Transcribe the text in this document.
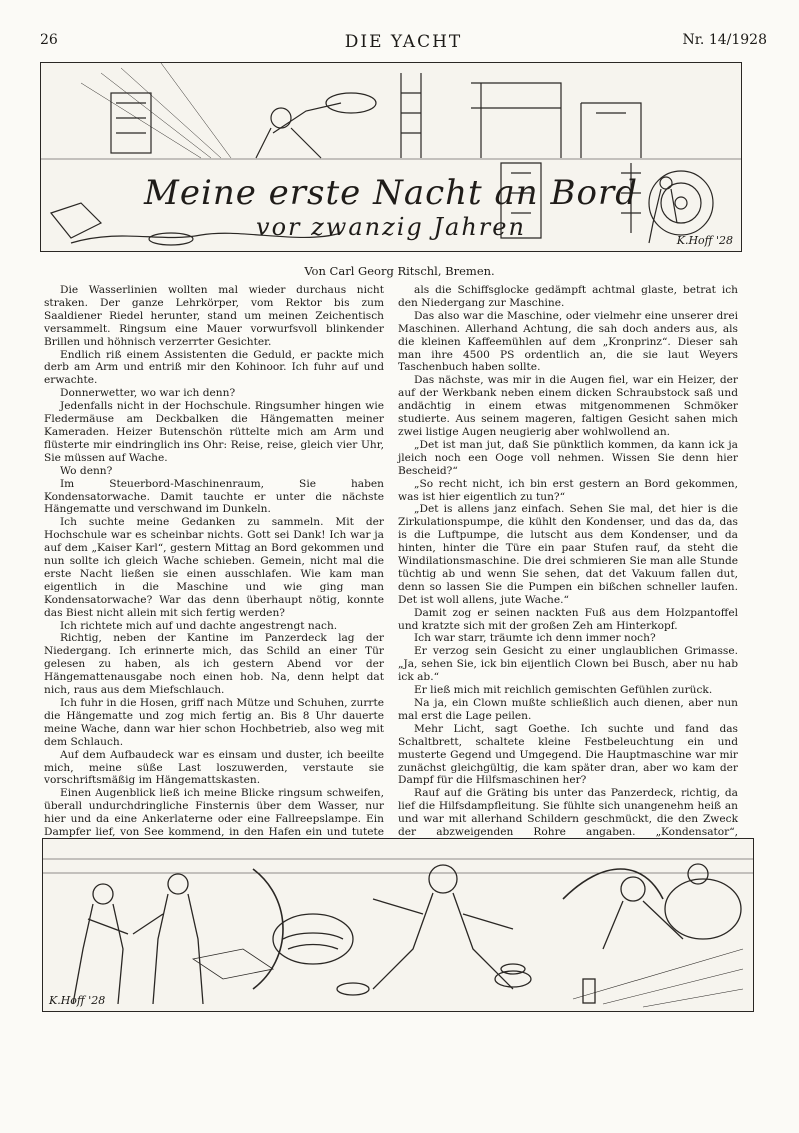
26	DIE YACHT	Nr. 14/1928
Meine erste Nacht an Bord
vor zwanzig Jahren	K.Hoff '28
Von Carl Georg Ritschl, Bremen.

Die Wasserlinien wollten mal wieder durchaus nicht straken. Der ganze Lehrkörper, vom Rektor bis zum Saaldiener Riedel herunter, stand um meinen Zeichentisch versammelt. Ringsum eine Mauer vorwurfsvoll blinkender Brillen und höhnisch verzerrter Gesichter.

Endlich riß einem Assistenten die Geduld, er packte mich derb am Arm und entriß mir den Kohinoor. Ich fuhr auf und erwachte.

Donnerwetter, wo war ich denn?

Jedenfalls nicht in der Hochschule. Ringsumher hingen wie Fledermäuse am Deckbalken die Hängematten meiner Kameraden. Heizer Butenschön rüttelte mich am Arm und flüsterte mir eindringlich ins Ohr: Reise, reise, gleich vier Uhr, Sie müssen auf Wache.

Wo denn?

Im Steuerbord-Maschinenraum, Sie haben Kondensatorwache. Damit tauchte er unter die nächste Hängematte und verschwand im Dunkeln.

Ich suchte meine Gedanken zu sammeln. Mit der Hochschule war es scheinbar nichts. Gott sei Dank! Ich war ja auf dem „Kaiser Karl“, gestern Mittag an Bord gekommen und nun sollte ich gleich Wache schieben. Gemein, nicht mal die erste Nacht ließen sie einen ausschlafen. Wie kam man eigentlich in die Maschine und wie ging man Kondensatorwache? War das denn überhaupt nötig, konnte das Biest nicht allein mit sich fertig werden?

Ich richtete mich auf und dachte angestrengt nach.

Richtig, neben der Kantine im Panzerdeck lag der Niedergang. Ich erinnerte mich, das Schild an einer Tür gelesen zu haben, als ich gestern Abend vor der Hängemattenausgabe noch einen hob. Na, denn helpt dat nich, raus aus dem Miefschlauch.

Ich fuhr in die Hosen, griff nach Mütze und Schuhen, zurrte die Hängematte und zog mich fertig an. Bis 8 Uhr dauerte meine Wache, dann war hier schon Hochbetrieb, also weg mit dem Schlauch.

Auf dem Aufbaudeck war es einsam und duster, ich beeilte mich, meine süße Last loszuwerden, verstaute sie vorschriftsmäßig im Hängemattskasten.

Einen Augenblick ließ ich meine Blicke ringsum schweifen, überall undurchdringliche Finsternis über dem Wasser, nur hier und da eine Ankerlaterne oder eine Fallreepslampe. Ein Dampfer lief, von See kommend, in den Hafen ein und tutete

als die Schiffsglocke gedämpft achtmal glaste, betrat ich den Niedergang zur Maschine.

Das also war die Maschine, oder vielmehr eine unserer drei Maschinen. Allerhand Achtung, die sah doch anders aus, als die kleinen Kaffeemühlen auf dem „Kronprinz“. Dieser sah man ihre 4500 PS ordentlich an, die sie laut Weyers Taschenbuch haben sollte.

Das nächste, was mir in die Augen fiel, war ein Heizer, der auf der Werkbank neben einem dicken Schraubstock saß und andächtig in einem etwas mitgenommenen Schmöker studierte. Aus seinem mageren, faltigen Gesicht sahen mich zwei listige Augen neugierig aber wohlwollend an.

„Det ist man jut, daß Sie pünktlich kommen, da kann ick ja jleich noch een Ooge voll nehmen. Wissen Sie denn hier Bescheid?“

„So recht nicht, ich bin erst gestern an Bord gekommen, was ist hier eigentlich zu tun?“

„Det is allens janz einfach. Sehen Sie mal, det hier is die Zirkulationspumpe, die kühlt den Kondenser, und das da, das is die Luftpumpe, die lutscht aus dem Kondenser, und da hinten, hinter die Türe ein paar Stufen rauf, da steht die Windilationsmaschine. Die drei schmieren Sie man alle Stunde tüchtig ab und wenn Sie sehen, dat det Vakuum fallen dut, denn so lassen Sie die Pumpen ein bißchen schneller laufen. Det ist woll allens, jute Wache.“

Damit zog er seinen nackten Fuß aus dem Holzpantoffel und kratzte sich mit der großen Zeh am Hinterkopf.

Ich war starr, träumte ich denn immer noch?

Er verzog sein Gesicht zu einer unglaublichen Grimasse. „Ja, sehen Sie, ick bin eijentlich Clown bei Busch, aber nu hab ick ab.“

Er ließ mich mit reichlich gemischten Gefühlen zurück.

Na ja, ein Clown mußte schließlich auch dienen, aber nun mal erst die Lage peilen.

Mehr Licht, sagt Goethe. Ich suchte und fand das Schaltbrett, schaltete kleine Festbeleuchtung ein und musterte Gegend und Umgegend. Die Hauptmaschine war mir zunächst gleichgültig, die kam später dran, aber wo kam der Dampf für die Hilfsmaschinen her?

Rauf auf die Gräting bis unter das Panzerdeck, richtig, da lief die Hilfsdampfleitung. Sie fühlte sich unangenehm heiß an und war mit allerhand Schildern geschmückt, die den Zweck der abzweigenden Rohre angaben. „Kondensator“,

K.Hoff '28
